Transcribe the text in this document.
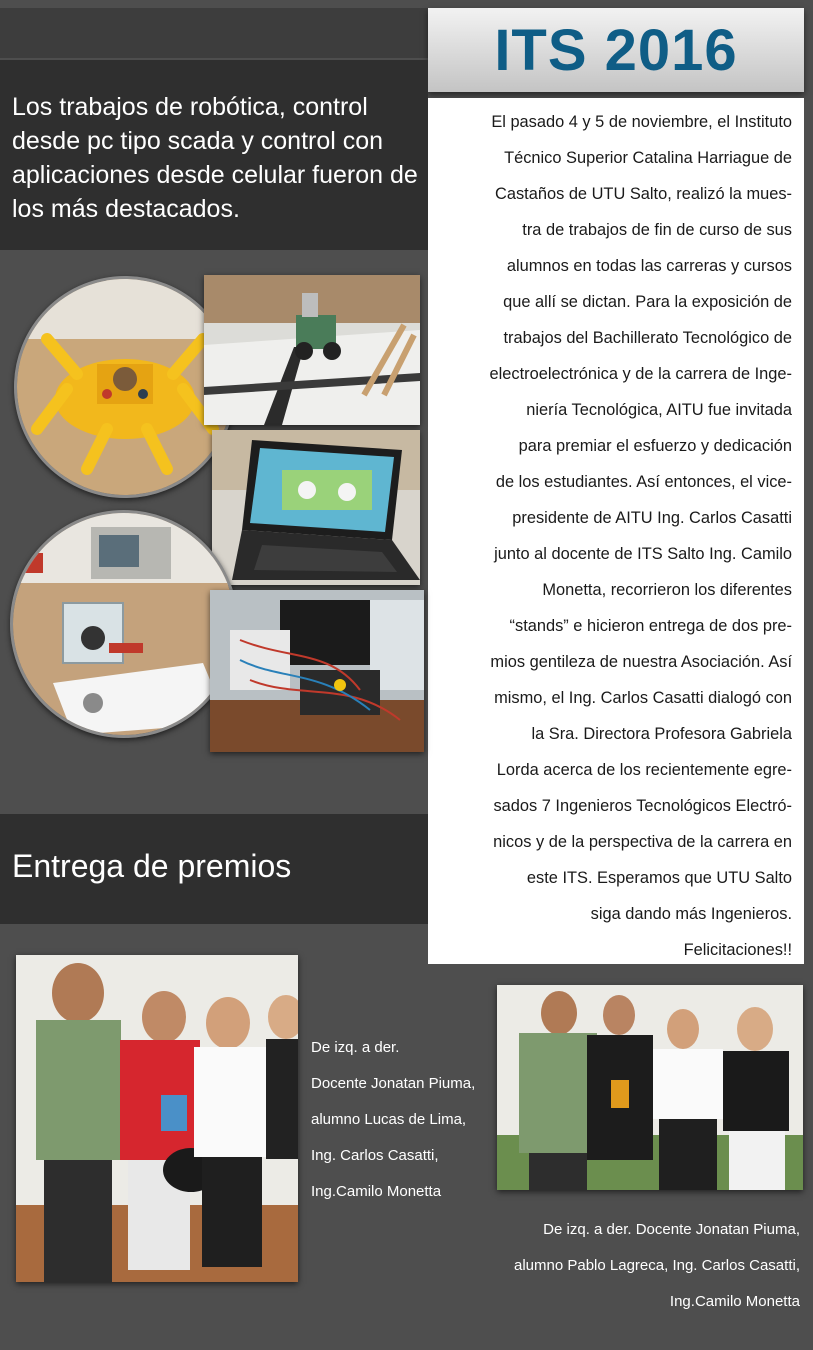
ITS 2016
Los trabajos de robótica, control desde pc tipo scada y control con aplicaciones desde celular fueron de los más destacados.

El pasado 4 y 5 de noviembre, el Instituto

Técnico Superior Catalina Harriague de

Castaños de UTU Salto, realizó la mues-

tra de trabajos de fin de curso de sus

alumnos en todas las carreras y cursos

que allí se dictan. Para la exposición de

trabajos del Bachillerato Tecnológico de

electroelectrónica y de la carrera de Inge-

niería Tecnológica, AITU fue invitada

para premiar el esfuerzo y dedicación

de los estudiantes. Así entonces, el vice-

presidente de AITU Ing. Carlos Casatti

junto al docente de ITS Salto Ing. Camilo

Monetta, recorrieron los diferentes

“stands” e hicieron entrega de dos pre-

mios gentileza de nuestra Asociación. Así

mismo, el Ing. Carlos Casatti dialogó con

la Sra. Directora Profesora Gabriela

Lorda acerca de los recientemente egre-

sados 7 Ingenieros Tecnológicos Electró-

nicos y de la perspectiva de la carrera en

este ITS. Esperamos que UTU Salto

siga dando más Ingenieros.

Felicitaciones!!

Entrega de premios

De izq. a der.

Docente Jonatan Piuma,

alumno Lucas de Lima,

Ing. Carlos Casatti,

Ing.Camilo Monetta

De izq. a der. Docente Jonatan Piuma,

alumno Pablo Lagreca, Ing. Carlos Casatti,

Ing.Camilo Monetta
